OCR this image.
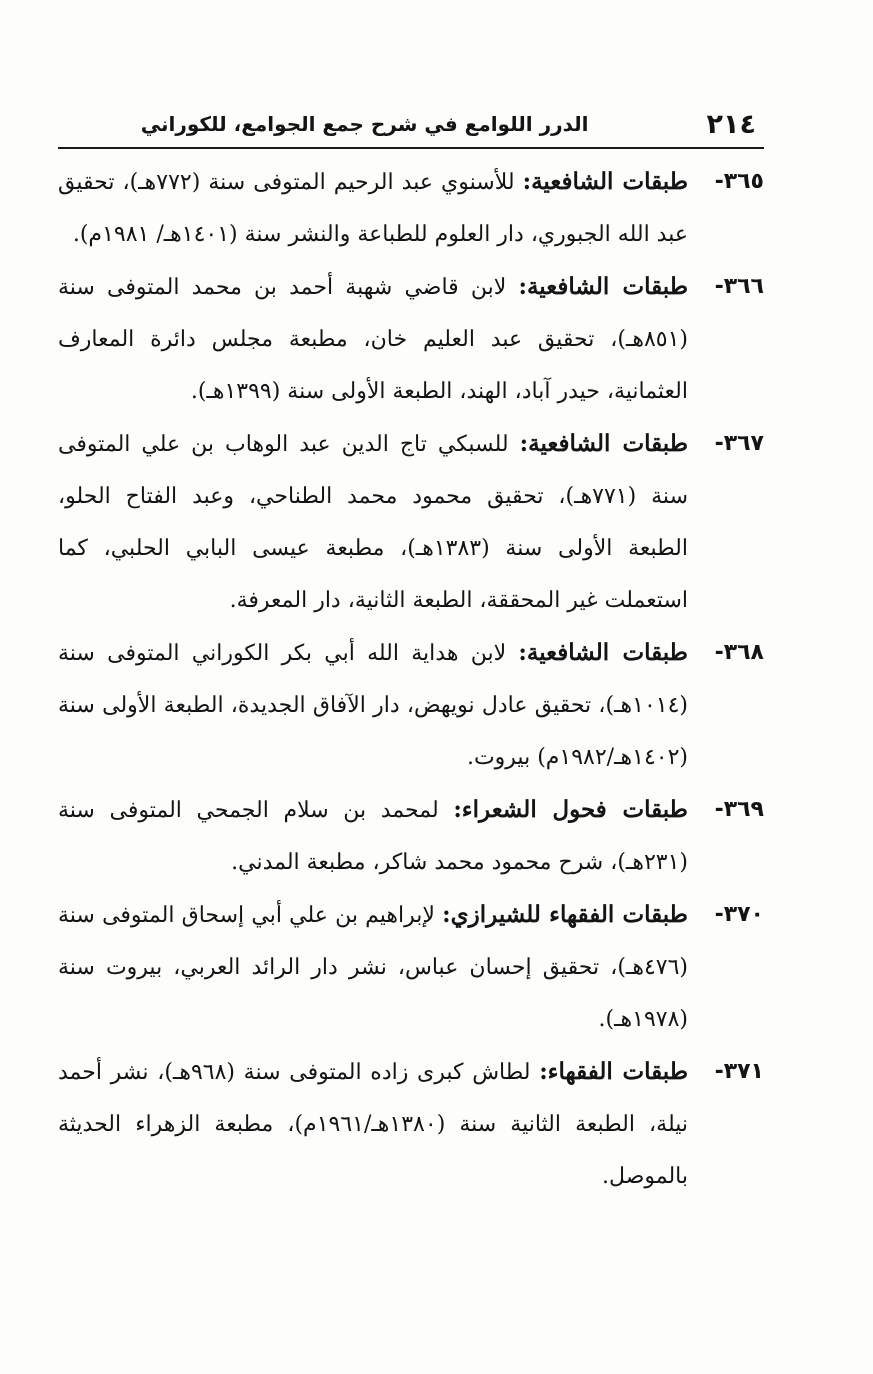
٢١٤
الدرر اللوامع في شرح جمع الجوامع، للكوراني
٣٦٥-
طبقات الشافعية: للأسنوي عبد الرحيم المتوفى سنة (٧٧٢هـ)، تحقيق عبد الله الجبوري، دار العلوم للطباعة والنشر سنة (١٤٠١هـ/ ١٩٨١م).
٣٦٦-
طبقات الشافعية: لابن قاضي شهبة أحمد بن محمد المتوفى سنة (٨٥١هـ)، تحقيق عبد العليم خان، مطبعة مجلس دائرة المعارف العثمانية، حيدر آباد، الهند، الطبعة الأولى سنة (١٣٩٩هـ).
٣٦٧-
طبقات الشافعية: للسبكي تاج الدين عبد الوهاب بن علي المتوفى سنة (٧٧١هـ)، تحقيق محمود محمد الطناحي، وعبد الفتاح الحلو، الطبعة الأولى سنة (١٣٨٣هـ)، مطبعة عيسى البابي الحلبي، كما استعملت غير المحققة، الطبعة الثانية، دار المعرفة.
٣٦٨-
طبقات الشافعية: لابن هداية الله أبي بكر الكوراني المتوفى سنة (١٠١٤هـ)، تحقيق عادل نويهض، دار الآفاق الجديدة، الطبعة الأولى سنة (١٤٠٢هـ/١٩٨٢م) بيروت.
٣٦٩-
طبقات فحول الشعراء: لمحمد بن سلام الجمحي المتوفى سنة (٢٣١هـ)، شرح محمود محمد شاكر، مطبعة المدني.
٣٧٠-
طبقات الفقهاء للشيرازي: لإبراهيم بن علي أبي إسحاق المتوفى سنة (٤٧٦هـ)، تحقيق إحسان عباس، نشر دار الرائد العربي، بيروت سنة (١٩٧٨هـ).
٣٧١-
طبقات الفقهاء: لطاش كبرى زاده المتوفى سنة (٩٦٨هـ)، نشر أحمد نيلة، الطبعة الثانية سنة (١٣٨٠هـ/١٩٦١م)، مطبعة الزهراء الحديثة بالموصل.
